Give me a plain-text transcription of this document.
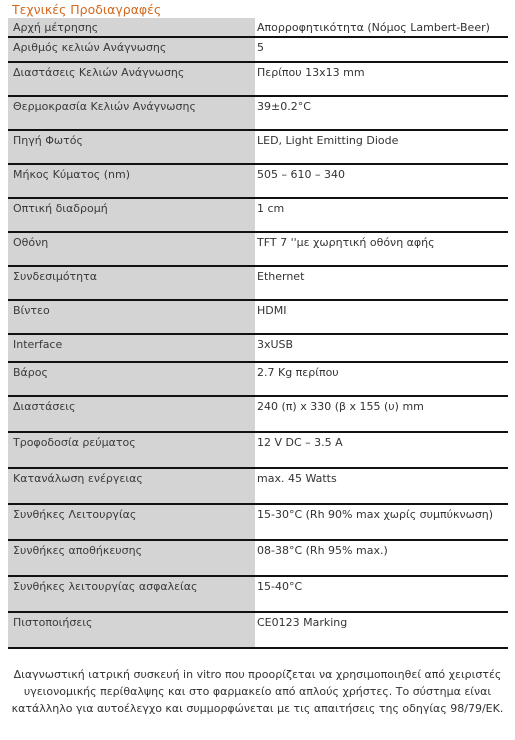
Τεχνικές Προδιαγραφές
Αρχή μέτρησης	Απορροφητικότητα (Νόμος Lambert-Beer)
Αριθμός κελιών Ανάγνωσης	5
Διαστάσεις Κελιών Ανάγνωσης	Περίπου 13x13 mm
Θερμοκρασία Κελιών Ανάγνωσης	39±0.2°C
Πηγή Φωτός	LED, Light Emitting Diode
Μήκος Κύματος (nm)	505 – 610 – 340
Οπτική διαδρομή	1 cm
Οθόνη	TFT 7 ''με χωρητική οθόνη αφής
Συνδεσιμότητα	Ethernet
Βίντεο	HDMI
Interface	3xUSB
Βάρος	2.7 Kg περίπου
Διαστάσεις	240 (π) x 330 (β x 155 (υ) mm
Τροφοδοσία ρεύματος	12 V DC – 3.5 A
Κατανάλωση ενέργειας	max. 45 Watts
Συνθήκες Λειτουργίας	15-30°C (Rh 90% max χωρίς συμπύκνωση)
Συνθήκες αποθήκευσης	08-38°C (Rh 95% max.)
Συνθήκες λειτουργίας ασφαλείας	15-40°C
Πιστοποιήσεις	CE0123 Marking
Διαγνωστική ιατρική συσκευή in vitro που προορίζεται να χρησιμοποιηθεί από χειριστές υγειονομικής περίθαλψης και στο φαρμακείο από απλούς χρήστες. Το σύστημα είναι κατάλληλο για αυτοέλεγχο και συμμορφώνεται με τις απαιτήσεις της οδηγίας 98/79/EK.
